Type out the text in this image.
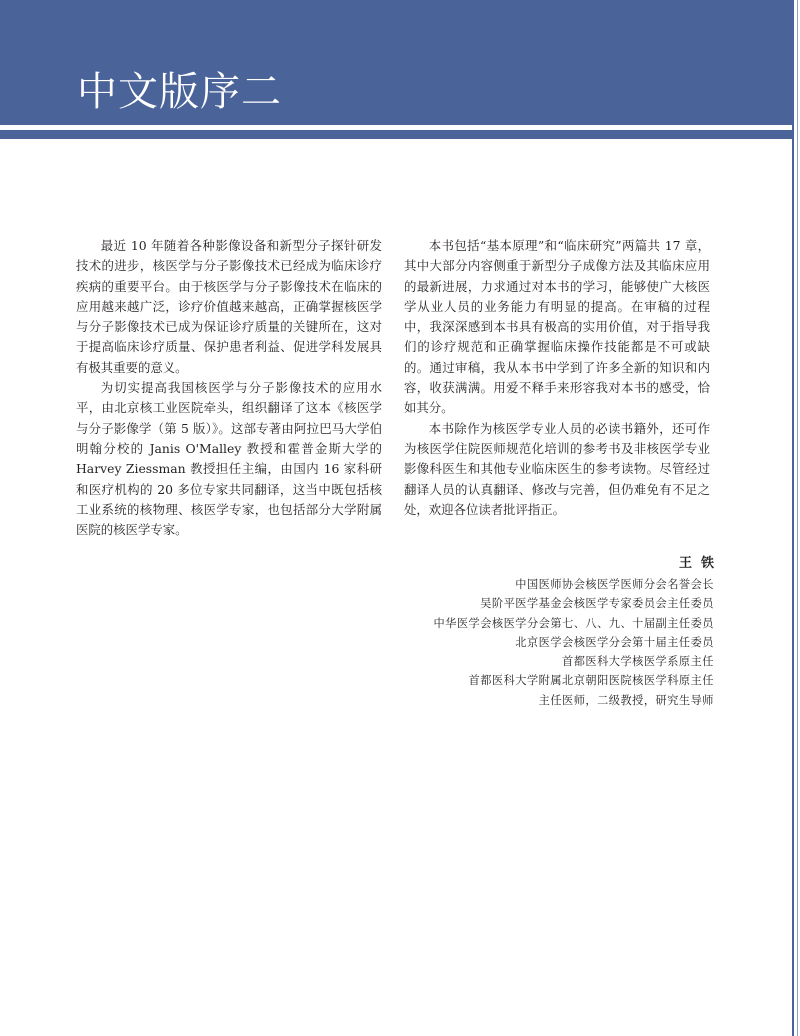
中文版序二

最近 10 年随着各种影像设备和新型分子探针研发技术的进步，核医学与分子影像技术已经成为临床诊疗疾病的重要平台。由于核医学与分子影像技术在临床的应用越来越广泛，诊疗价值越来越高，正确掌握核医学与分子影像技术已成为保证诊疗质量的关键所在，这对于提高临床诊疗质量、保护患者利益、促进学科发展具有极其重要的意义。

为切实提高我国核医学与分子影像技术的应用水平，由北京核工业医院牵头，组织翻译了这本《核医学与分子影像学（第 5 版）》。这部专著由阿拉巴马大学伯明翰分校的 Janis O'Malley 教授和霍普金斯大学的 Harvey Ziessman 教授担任主编，由国内 16 家科研和医疗机构的 20 多位专家共同翻译，这当中既包括核工业系统的核物理、核医学专家，也包括部分大学附属医院的核医学专家。

本书包括“基本原理”和“临床研究”两篇共 17 章，其中大部分内容侧重于新型分子成像方法及其临床应用的最新进展，力求通过对本书的学习，能够使广大核医学从业人员的业务能力有明显的提高。在审稿的过程中，我深深感到本书具有极高的实用价值，对于指导我们的诊疗规范和正确掌握临床操作技能都是不可或缺的。通过审稿，我从本书中学到了许多全新的知识和内容，收获满满。用爱不释手来形容我对本书的感受，恰如其分。

本书除作为核医学专业人员的必读书籍外，还可作为核医学住院医师规范化培训的参考书及非核医学专业影像科医生和其他专业临床医生的参考读物。尽管经过翻译人员的认真翻译、修改与完善，但仍难免有不足之处，欢迎各位读者批评指正。

王铁
中国医师协会核医学医师分会名誉会长
吴阶平医学基金会核医学专家委员会主任委员
中华医学会核医学分会第七、八、九、十届副主任委员
北京医学会核医学分会第十届主任委员
首都医科大学核医学系原主任
首都医科大学附属北京朝阳医院核医学科原主任
主任医师，二级教授，研究生导师
